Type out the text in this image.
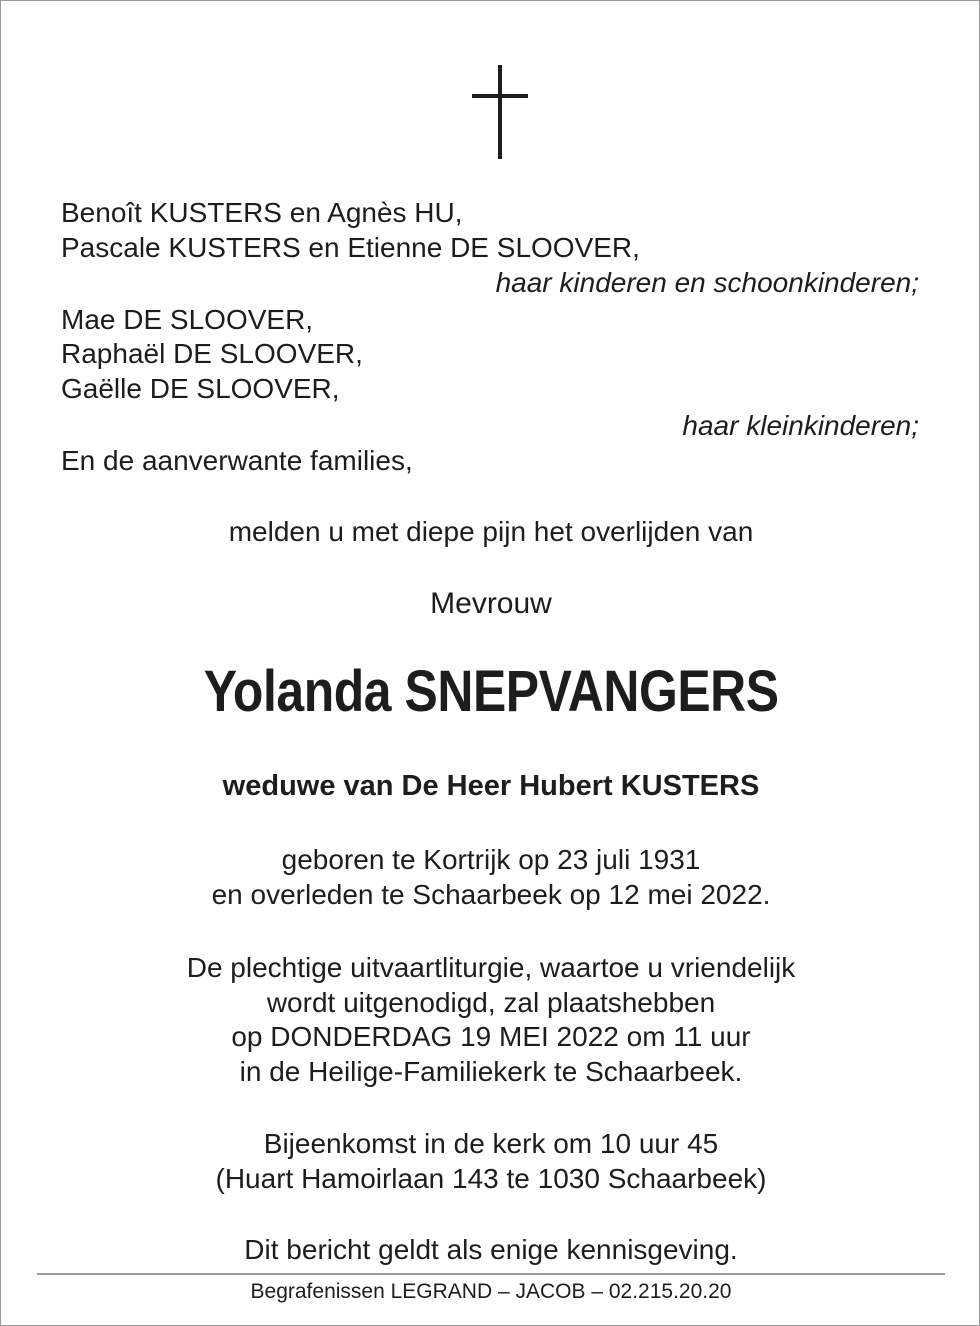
Benoît KUSTERS en Agnès HU,
Pascale KUSTERS en Etienne DE SLOOVER,
haar kinderen en schoonkinderen;
Mae DE SLOOVER,
Raphaël DE SLOOVER,
Gaëlle DE SLOOVER,
haar kleinkinderen;
En de aanverwante families,
melden u met diepe pijn het overlijden van
Mevrouw
Yolanda SNEPVANGERS
weduwe van De Heer Hubert KUSTERS
geboren te Kortrijk op 23 juli 1931
en overleden te Schaarbeek op 12 mei 2022.
De plechtige uitvaartliturgie, waartoe u vriendelijk
wordt uitgenodigd, zal plaatshebben
op DONDERDAG 19 MEI 2022 om 11 uur
in de Heilige-Familiekerk te Schaarbeek.
Bijeenkomst in de kerk om 10 uur 45
(Huart Hamoirlaan 143 te 1030 Schaarbeek)
Dit bericht geldt als enige kennisgeving.
Begrafenissen LEGRAND – JACOB – 02.215.20.20
